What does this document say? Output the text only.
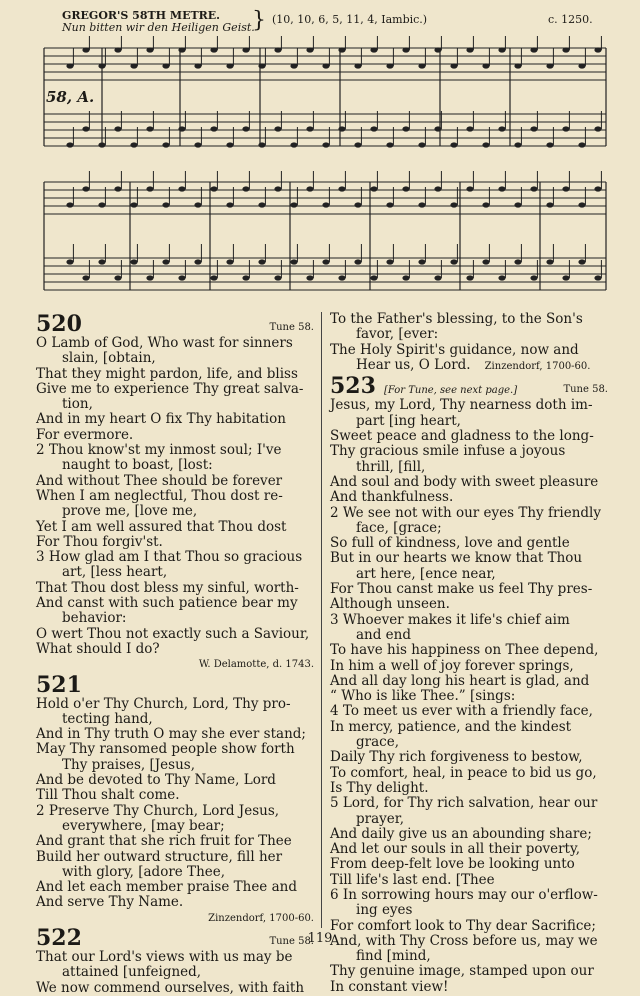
GREGOR'S 58TH METRE.
Nun bitten wir den Heiligen Geist.
} (10, 10, 6, 5, 11, 4, Iambic.)	c. 1250.
58, A.
520	Tune 58.
O Lamb of God, Who wast for sinners
slain, [obtain,
That they might pardon, life, and bliss
Give me to experience Thy great salva-
tion,
And in my heart O fix Thy habitation
For evermore.
2 Thou know'st my inmost soul; I've
naught to boast, [lost:
And without Thee should be forever
When I am neglectful, Thou dost re-
prove me, [love me,
Yet I am well assured that Thou dost
For Thou forgiv'st.
3 How glad am I that Thou so gracious
art, [less heart,
That Thou dost bless my sinful, worth-
And canst with such patience bear my
behavior:
O wert Thou not exactly such a Saviour,
What should I do?
W. Delamotte, d. 1743.
521
Hold o'er Thy Church, Lord, Thy pro-
tecting hand,
And in Thy truth O may she ever stand;
May Thy ransomed people show forth
Thy praises, [Jesus,
And be devoted to Thy Name, Lord
Till Thou shalt come.
2 Preserve Thy Church, Lord Jesus,
everywhere, [may bear;
And grant that she rich fruit for Thee
Build her outward structure, fill her
with glory, [adore Thee,
And let each member praise Thee and
And serve Thy Name.
Zinzendorf, 1700-60.
522	Tune 58.
That our Lord's views with us may be
attained [unfeigned,
We now commend ourselves, with faith
To the Father's blessing, to the Son's
favor, [ever:
The Holy Spirit's guidance, now and
Hear us, O Lord. Zinzendorf, 1700-60.
523 [For Tune, see next page.]	Tune 58.
Jesus, my Lord, Thy nearness doth im-
part [ing heart,
Sweet peace and gladness to the long-
Thy gracious smile infuse a joyous
thrill, [fill,
And soul and body with sweet pleasure
And thankfulness.
2 We see not with our eyes Thy friendly
face, [grace;
So full of kindness, love and gentle
But in our hearts we know that Thou
art here, [ence near,
For Thou canst make us feel Thy pres-
Although unseen.
3 Whoever makes it life's chief aim
and end
To have his happiness on Thee depend,
In him a well of joy forever springs,
And all day long his heart is glad, and
“ Who is like Thee.” [sings:
4 To meet us ever with a friendly face,
In mercy, patience, and the kindest
grace,
Daily Thy rich forgiveness to bestow,
To comfort, heal, in peace to bid us go,
Is Thy delight.
5 Lord, for Thy rich salvation, hear our
prayer,
And daily give us an abounding share;
And let our souls in all their poverty,
From deep-felt love be looking unto
Till life's last end. [Thee
6 In sorrowing hours may our o'erflow-
ing eyes
For comfort look to Thy dear Sacrifice;
And, with Thy Cross before us, may we
find [mind,
Thy genuine image, stamped upon our
In constant view!
119
